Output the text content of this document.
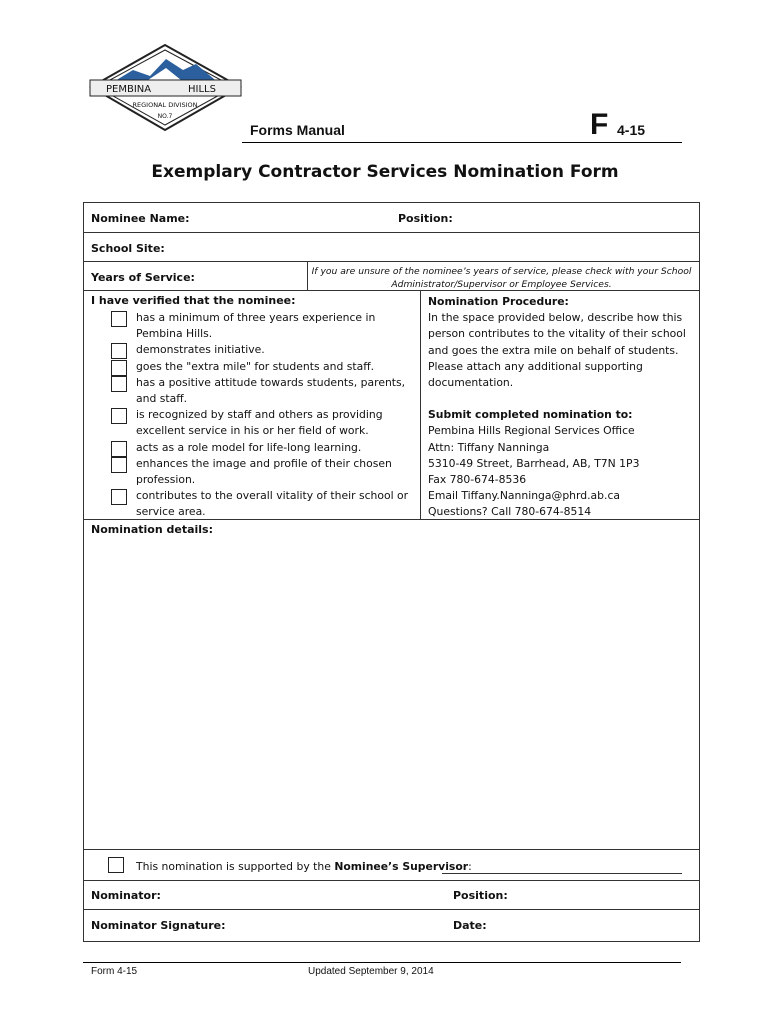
PEMBINA	HILLS
REGIONAL DIVISION
NO.7
Forms Manual	F 4-15
Exemplary Contractor Services Nomination Form
Nominee Name:	Position:
School Site:
Years of Service:	If you are unsure of the nominee’s years of service, please check with your School Administrator/Supervisor or Employee Services.
I have verified that the nominee:
has a minimum of three years experience in Pembina Hills.
demonstrates initiative.
goes the "extra mile" for students and staff.
has a positive attitude towards students, parents, and staff.
is recognized by staff and others as providing excellent service in his or her field of work.
acts as a role model for life-long learning.
enhances the image and profile of their chosen profession.
contributes to the overall vitality of their school or service area.
Nomination Procedure:
In the space provided below, describe how this person contributes to the vitality of their school and goes the extra mile on behalf of students. Please attach any additional supporting documentation.
Submit completed nomination to:
Pembina Hills Regional Services Office
Attn: Tiffany Nanninga
5310-49 Street, Barrhead, AB, T7N 1P3
Fax 780-674-8536
Email Tiffany.Nanninga@phrd.ab.ca
Questions? Call 780-674-8514
Nomination details:
This nomination is supported by the Nominee’s Supervisor:
Nominator:	Position:
Nominator Signature:	Date:
Form 4-15	Updated September 9, 2014
